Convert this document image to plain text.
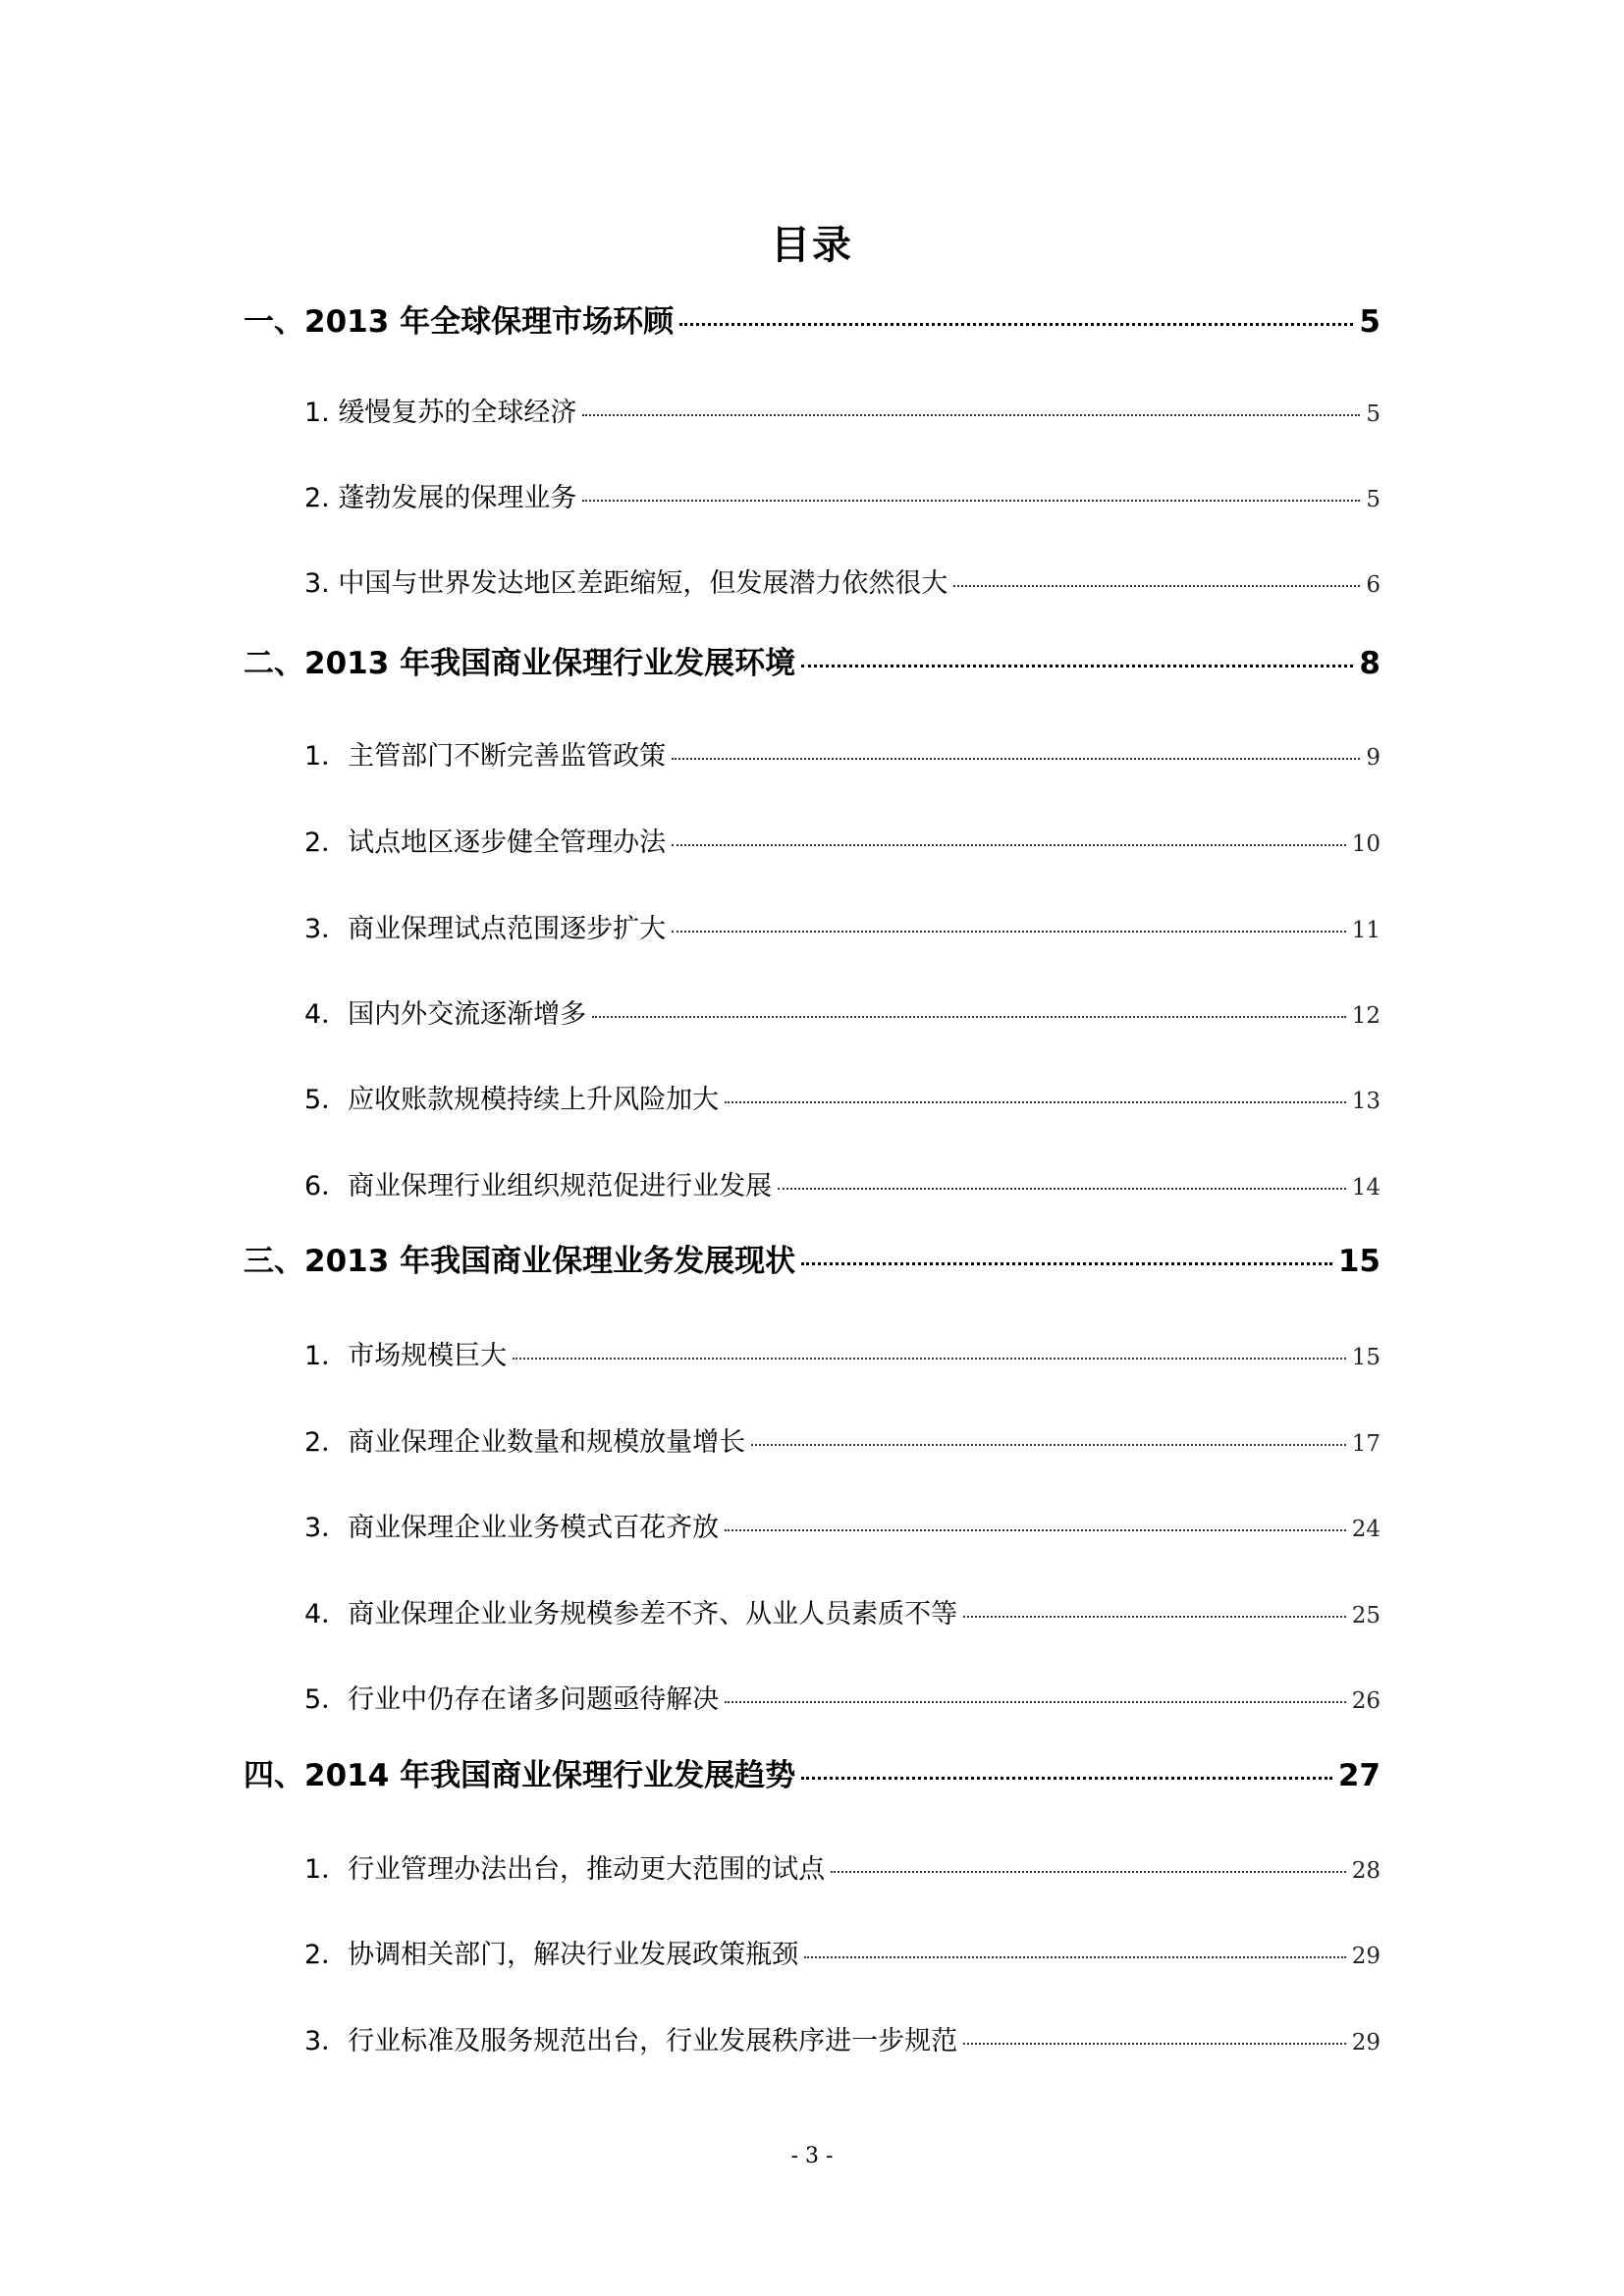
目录
一、2013 年全球保理市场环顾	5
1. 缓慢复苏的全球经济	5
2. 蓬勃发展的保理业务	5
3. 中国与世界发达地区差距缩短，但发展潜力依然很大	6
二、2013 年我国商业保理行业发展环境	8
1．主管部门不断完善监管政策	9
2．试点地区逐步健全管理办法	10
3．商业保理试点范围逐步扩大	11
4．国内外交流逐渐增多	12
5．应收账款规模持续上升风险加大	13
6．商业保理行业组织规范促进行业发展	14
三、2013 年我国商业保理业务发展现状	15
1．市场规模巨大	15
2．商业保理企业数量和规模放量增长	17
3．商业保理企业业务模式百花齐放	24
4．商业保理企业业务规模参差不齐、从业人员素质不等	25
5．行业中仍存在诸多问题亟待解决	26
四、2014 年我国商业保理行业发展趋势	27
1．行业管理办法出台，推动更大范围的试点	28
2．协调相关部门，解决行业发展政策瓶颈	29
3．行业标准及服务规范出台，行业发展秩序进一步规范	29
- 3 -
